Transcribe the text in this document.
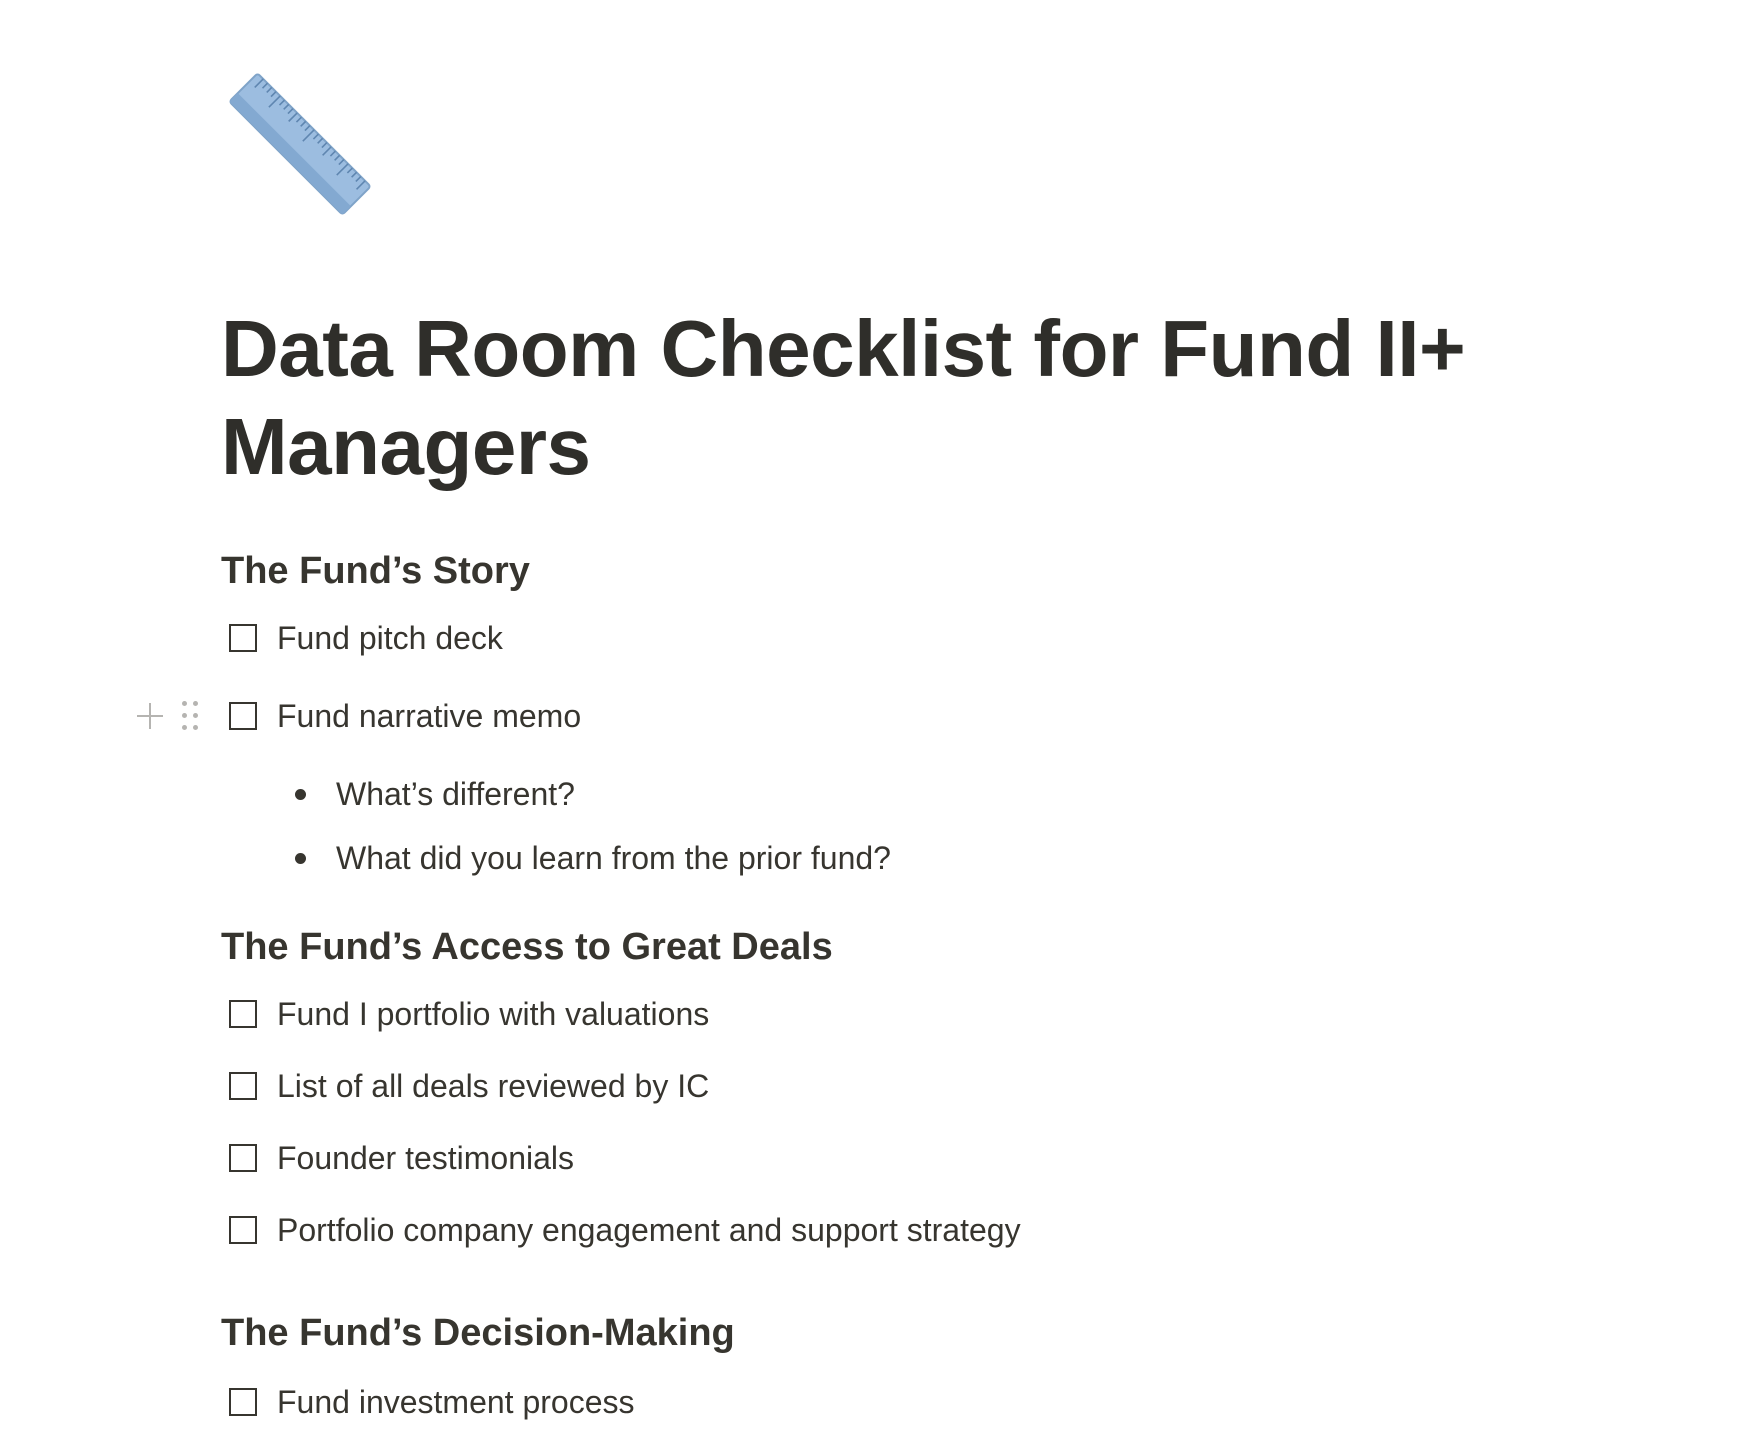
Data Room Checklist for Fund II+ Managers
The Fund’s Story
Fund pitch deck
Fund narrative memo
What’s different?
What did you learn from the prior fund?
The Fund’s Access to Great Deals
Fund I portfolio with valuations
List of all deals reviewed by IC
Founder testimonials
Portfolio company engagement and support strategy
The Fund’s Decision-Making
Fund investment process
